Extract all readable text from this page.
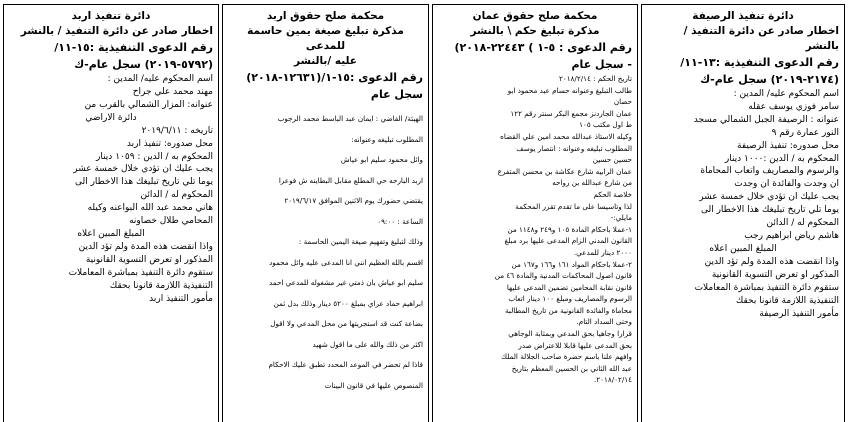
دائرة تنفيذ الرصيفة

اخطار صادر عن دائرة التنفيذ / بالنشر

رقم الدعوى التنفيذية :١٣-١١/

(٢١٧٤-٢٠١٩) سجل عام-ك

اسم المحكوم عليه/ المدين :

سامر فوزي يوسف عقله

عنوانه : الرصيفة الجبل الشمالي مسجد

النور عمارة رقم ٩

محل صدوره: تنفيذ الرصيفة

المحكوم به / الدين :١٠٠٠ دينار

والرسوم والمصاريف واتعاب المحاماة

ان وجدت والفائدة ان وجدت

يجب عليك ان تؤدي خلال خمسة عشر

يوما تلي تاريخ تبليغك هذا الاخطار الى

المحكوم له / الدائن

هاشم رياض ابراهيم رجب

المبلغ المبين اعلاه

واذا انقضت هذه المدة ولم تؤد الدين

المذكور او تعرض التسوية القانونية

ستقوم دائرة التنفيذ بمباشرة المعاملات

التنفيذية اللازمة قانونا بحقك

مأمور التنفيذ الرصيفة

محكمة صلح حقوق عمان

مذكرة تبليغ حكم \ بالنشر

رقم الدعوى : ٥-١ ) ٢٢٤٤٣-٢٠١٨)

- سجل عام

تاريخ الحكم : ٢٠١٨/٢/١٤

طالب التبليغ وعنوانه حسام عبد محمود ابو

حصان

عمان الجاردنز مجمع البكر سنتر رقم ١٢٢

ط اول مكتب ١٠٥

وكيله الاستاذ عبدالله محمد امين علي القضاه

المطلوب تبليغه وعنوانه : انتصار يوسف

حسين حسين

عمان الرابيه شارع عكاشة بن محسن المتفرع

من شارع عبدالله بن رواحه

خلاصة الحكم

لذا وتاسيسا على ما تقدم تقرر المحكمة

مايلي:-

١-عملا باحكام المادة ١٠٥ و٢٤٩ و١١٤٨ من

القانون المدني الزام المدعى عليها برد مبلغ

٢٠٠٠ دينار للمدعي.

٢-عملا باحكام المواد ١٦١ و١٦٦ و١٦٧ من

قانون اصول المحاكمات المدنية والمادة ٤٦ من

قانون نقابة المحامين تضمين المدعى عليها

الرسوم والمصاريف ومبلغ ١٠٠ دينار اتعاب

محاماة والفائدة القانونية من تاريخ المطالبة

وحتى السداد التام.

قرارا وجاهيا بحق المدعي وبمثابة الوجاهي

بحق المدعى عليها قابلا للاعتراض صدر

وافهم علنا باسم حضرة صاحب الجلالة الملك

عبد الله الثاني بن الحسين المعظم بتاريخ

٢٠١٨/٠٢/١٤.

محكمة صلح حقوق اربد

مذكرة تبليغ صيغة يمين حاسمة للمدعى

عليه /بالنشر

رقم الدعوى :١٥-١/(١٢٦٣١-٢٠١٨)

سجل عام

الهيئة/ القاضي : ايمان عبد الباسط محمد الرجوب

المطلوب تبليغه وعنوانه:

وائل محمود سليم ابو عياش

اربد البارحه حي المطلع مقابل البطاينه ش فوعرا

يقتضي حضورك يوم الاثنين الموافق ٢٠١٩/٦/١٧

الساعة : ٠٩:٠٠

وذلك لتبليغ وتفهيم صيغة اليمين الحاسمة :

اقسم بالله العظيم انني انا المدعى عليه وائل محمود

سليم ابو عياش بان ذمتي غير مشغوله للمدعي احمد

ابراهيم حماد عراي بمبلغ ٥٢٠٠ دينار وذلك بدل ثمن

بضاعة كنت قد استجريتها من محل المدعي ولا اقول

اكثر من ذلك والله على ما اقول شهيد

فاذا لم تحضر في الموعد المحدد تطبق عليك الاحكام

المنصوص عليها في قانون البينات

دائرة تنفيذ اربد

اخطار صادر عن دائرة التنفيذ / بالنشر

رقم الدعوى التنفيذية :١٥-١١/

(٥٧٩٢-٢٠١٩) سجل عام-ك

اسم المحكوم عليه/ المدين :

مهند محمد علي جراح

عنوانه: المزار الشمالي بالقرب من

دائرة الاراضي

تاريخه : ٢٠١٩/٦/١١

محل صدوره: تنفيذ اربد

المحكوم به / الدين : ١٠٥٩ دينار

يجب عليك ان تؤدي خلال خمسة عشر

يوما تلي تاريخ تبليغك هذا الاخطار الى

المحكوم له / الدائن

هاني محمد عبد الله البواعنه وكيله

المحامي طلال خصاونه

المبلغ المبين اعلاه

واذا انقضت هذه المدة ولم تؤد الدين

المذكور او تعرض التسوية القانونية

ستقوم دائرة التنفيذ بمباشرة المعاملات

التنفيذية اللازمة قانونا بحقك

مأمور التنفيذ اربد
